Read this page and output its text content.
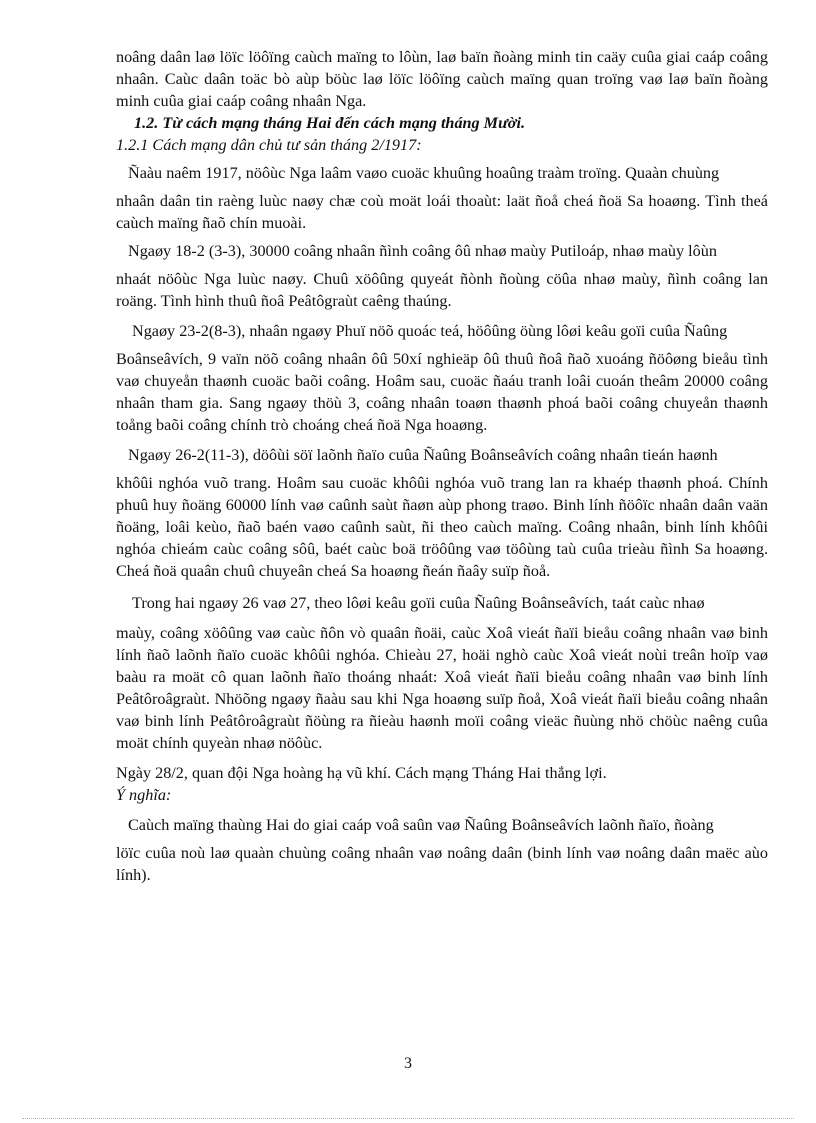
noâng daân laø löïc löôïng caùch maïng to lôùn, laø baïn ñoàng minh tin caäy cuûa giai caáp coâng nhaân. Caùc daân toäc bò aùp böùc laø löïc löôïng caùch maïng quan troïng vaø laø baïn ñoàng minh cuûa giai caáp coâng nhaân Nga.

1.2. Từ cách mạng tháng Hai đến cách mạng tháng Mười.

1.2.1 Cách mạng dân chủ tư sản tháng 2/1917:

Ñaàu naêm 1917, nöôùc Nga laâm vaøo cuoäc khuûng hoaûng traàm troïng. Quaàn chuùng

nhaân daân tin raèng luùc naøy chæ coù moät loái thoaùt: laät ñoå cheá ñoä Sa hoaøng. Tình theá caùch maïng ñaõ chín muoài.

Ngaøy 18-2 (3-3), 30000 coâng nhaân ñình coâng ôû nhaø maùy Putiloáp, nhaø maùy lôùn

nhaát nöôùc Nga luùc naøy. Chuû xöôûng quyeát ñònh ñoùng cöûa nhaø maùy, ñình coâng lan roäng. Tình hình thuû ñoâ Peâtôgraùt caêng thaúng.

Ngaøy 23-2(8-3), nhaân ngaøy Phuï nöõ quoác teá, höôûng öùng lôøi keâu goïi cuûa Ñaûng

Boânseâvích, 9 vaïn nöõ coâng nhaân ôû 50xí nghieäp ôû thuû ñoâ ñaõ xuoáng ñöôøng bieåu tình vaø chuyeån thaønh cuoäc baõi coâng. Hoâm sau, cuoäc ñaáu tranh loâi cuoán theâm 20000 coâng nhaân tham gia. Sang ngaøy thöù 3, coâng nhaân toaøn thaønh phoá baõi coâng chuyeån thaønh toång baõi coâng chính trò choáng cheá ñoä Nga hoaøng.

Ngaøy 26-2(11-3), döôùi söï laõnh ñaïo cuûa Ñaûng Boânseâvích coâng nhaân tieán haønh

khôûi nghóa vuõ trang. Hoâm sau cuoäc khôûi nghóa vuõ trang lan ra khaép thaønh phoá. Chính phuû huy ñoäng 60000 lính vaø caûnh saùt ñaøn aùp phong traøo. Binh lính ñöôïc nhaân daân vaän ñoäng, loâi keùo, ñaõ baén vaøo caûnh saùt, ñi theo caùch maïng. Coâng nhaân, binh lính khôûi nghóa chieám caùc coâng sôû, baét caùc boä tröôûng vaø töôùng taù cuûa trieàu ñình Sa hoaøng. Cheá ñoä quaân chuû chuyeân cheá Sa hoaøng ñeán ñaây suïp ñoå.

Trong hai ngaøy 26 vaø 27, theo lôøi keâu goïi cuûa Ñaûng Boânseâvích, taát caùc nhaø

maùy, coâng xöôûng vaø caùc ñôn vò quaân ñoäi, caùc Xoâ vieát ñaïi bieåu coâng nhaân vaø binh lính ñaõ laõnh ñaïo cuoäc khôûi nghóa. Chieàu 27, hoäi nghò caùc Xoâ vieát noùi treân hoïp vaø baàu ra moät cô quan laõnh ñaïo thoáng nhaát: Xoâ vieát ñaïi bieåu coâng nhaân vaø binh lính Peâtôroâgraùt. Nhöõng ngaøy ñaàu sau khi Nga hoaøng suïp ñoå, Xoâ vieát ñaïi bieåu coâng nhaân vaø binh lính Peâtôroâgraùt ñöùng ra ñieàu haønh moïi coâng vieäc ñuùng nhö chöùc naêng cuûa moät chính quyeàn nhaø nöôùc.

Ngày 28/2, quan đội Nga hoàng hạ vũ khí. Cách mạng Tháng Hai thắng lợi.

Ý nghĩa:

Caùch maïng thaùng Hai do giai caáp voâ saûn vaø Ñaûng Boânseâvích laõnh ñaïo, ñoàng

löïc cuûa noù laø quaàn chuùng coâng nhaân vaø noâng daân (binh lính vaø noâng daân maëc aùo lính).

3
